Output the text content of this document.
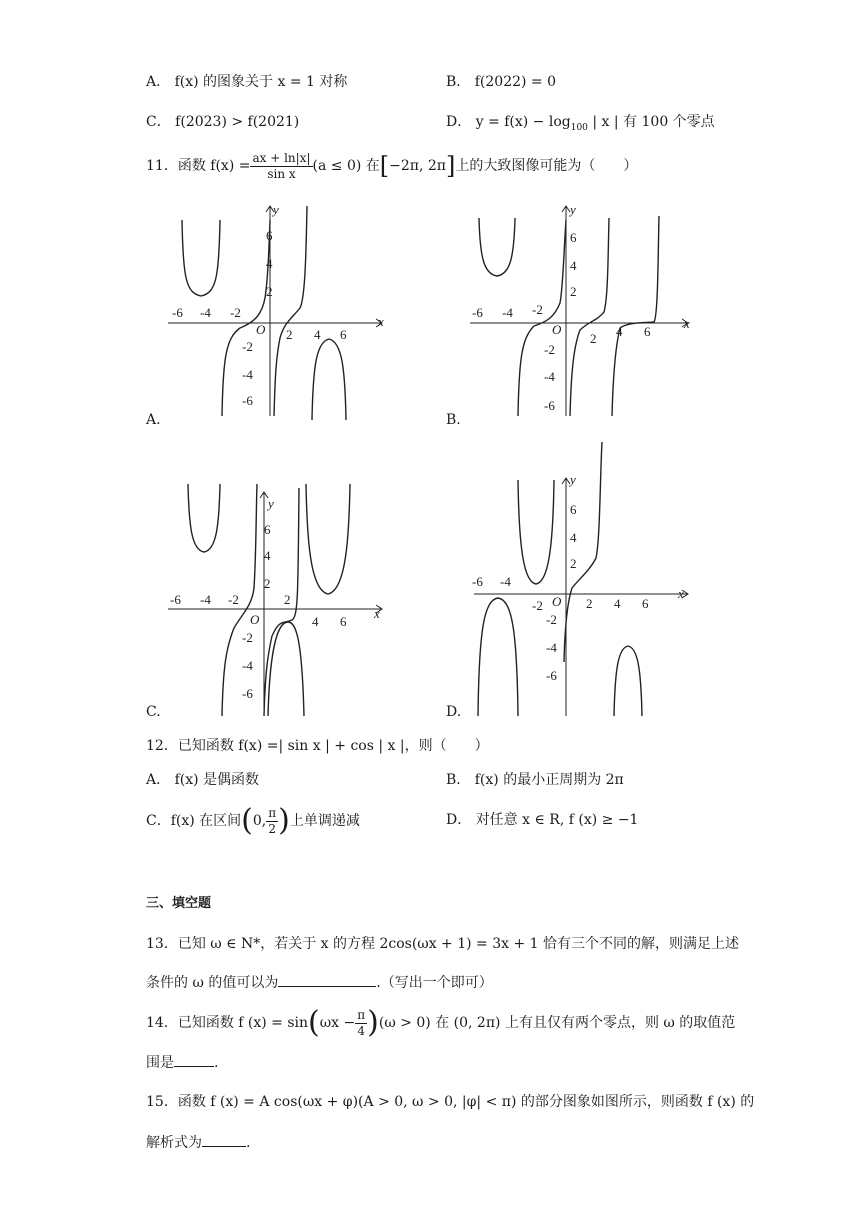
A． f(x) 的图象关于 x = 1 对称	B． f(2022) = 0
C． f(2023) > f(2021)	D． $y = f(x) - \log_{100}$ | x | 有 100 个零点
11． 函数 $f(x) = \frac{ax + \ln|x|}{\text{sin x}} (a \le 0)$ 在 [ −2π, 2π ] 上的大致图像可能为（　　）
-6 -4 -2
2 4 6
6
4
2
-2
-4
-6
O
x
y
A.
-6 -4 -2
2 4 6
6
4
2
-2
-4
-6
O	x
y
B.
-6 -4 -2	2
4 6
6
4
2
-2
-4
-6
O	x
y
C.
-6 -4
-2	2 4 6
6
4
2
-2
-4
-6
O
x
y
D.
12．已知函数 f(x) =| sin x | + cos | x |，则（　　）
A． f(x) 是偶函数	B． f(x) 的最小正周期为 2π
C． f(x) 在区间 ( 0, $\frac{\pi}{2}$ ) 上单调递减	D． 对任意 x ∈ R, f (x) ≥ −1
三、填空题
13．已知 ω ∈ N*，若关于 x 的方程 2cos(ωx + 1) = 3x + 1 恰有三个不同的解，则满足上述
条件的 ω 的值可以为	.（写出一个即可）
14． 已知函数 f (x) = sin ( $\omega x - \frac{\pi}{4}$ ) (ω > 0) 在 (0, 2π) 上有且仅有两个零点，则 ω 的取值范
围是	.
15．函数 f (x) = A cos(ωx + φ)(A > 0, ω > 0, |φ| < π) 的部分图象如图所示，则函数 f (x) 的
解析式为	.
